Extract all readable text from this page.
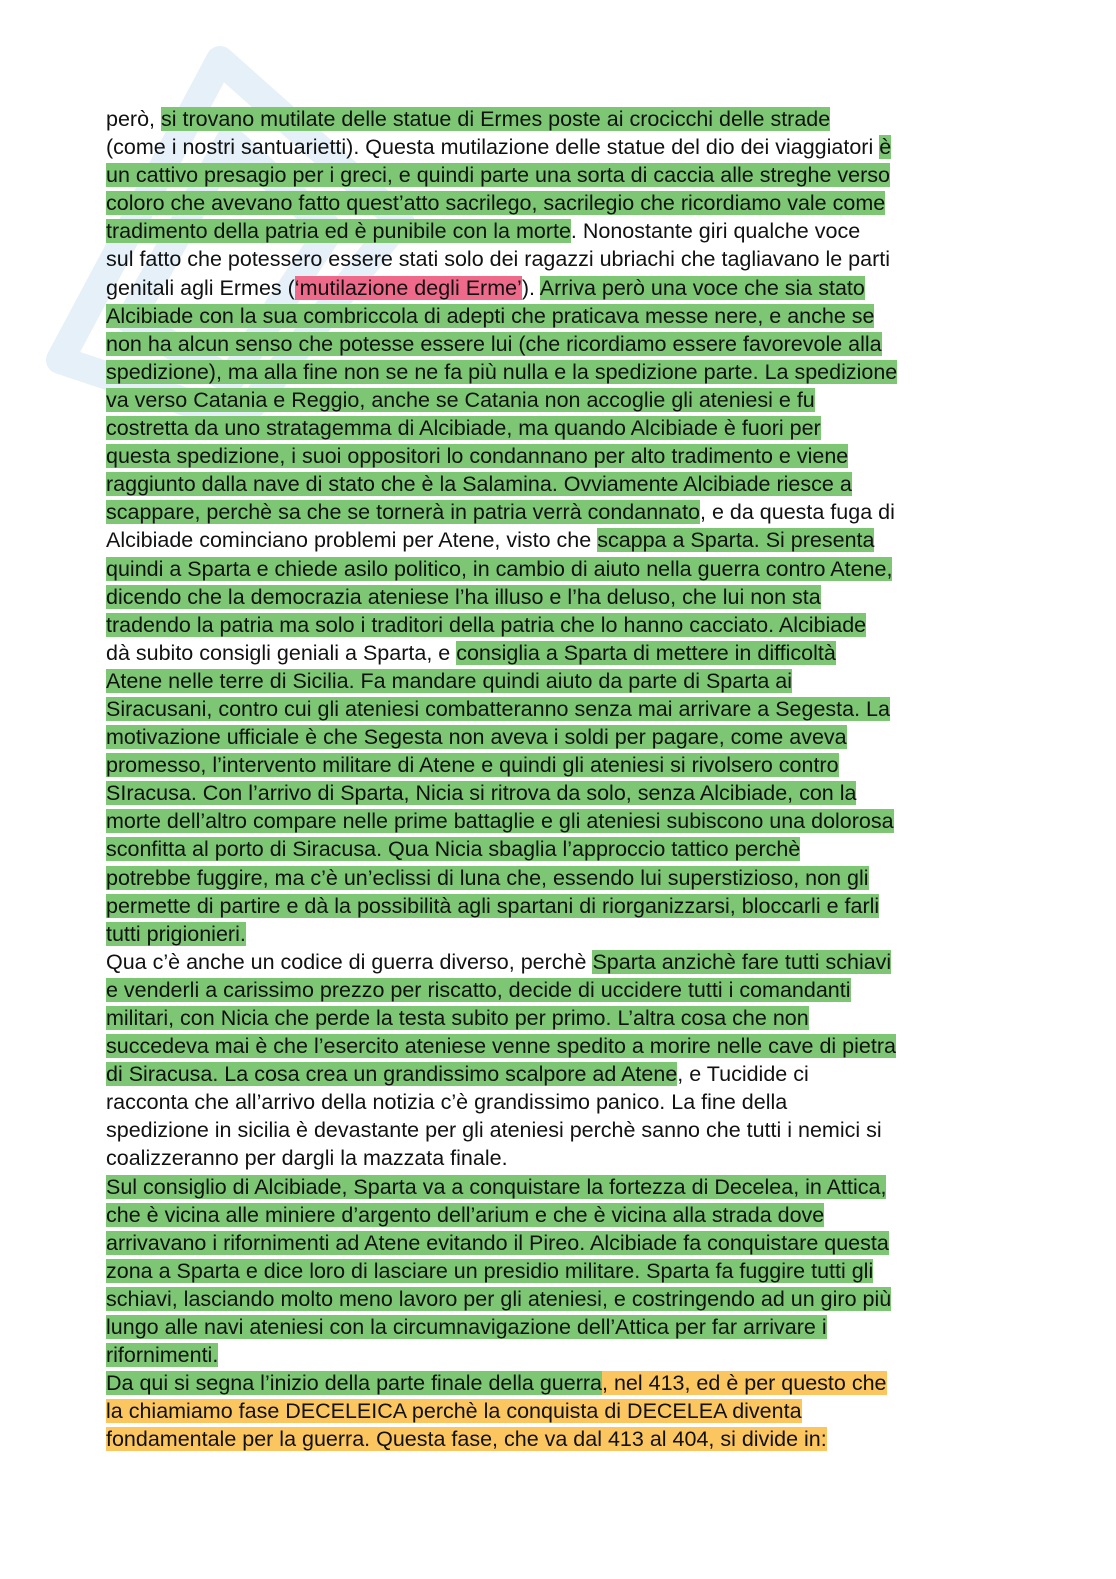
però, si trovano mutilate delle statue di Ermes poste ai crocicchi delle strade
(come i nostri santuarietti). Questa mutilazione delle statue del dio dei viaggiatori è
un cattivo presagio per i greci, e quindi parte una sorta di caccia alle streghe verso
coloro che avevano fatto quest’atto sacrilego, sacrilegio che ricordiamo vale come
tradimento della patria ed è punibile con la morte. Nonostante giri qualche voce
sul fatto che potessero essere stati solo dei ragazzi ubriachi che tagliavano le parti
genitali agli Ermes (‘mutilazione degli Erme’). Arriva però una voce che sia stato
Alcibiade con la sua combriccola di adepti che praticava messe nere, e anche se
non ha alcun senso che potesse essere lui (che ricordiamo essere favorevole alla
spedizione), ma alla fine non se ne fa più nulla e la spedizione parte. La spedizione
va verso Catania e Reggio, anche se Catania non accoglie gli ateniesi e fu
costretta da uno stratagemma di Alcibiade, ma quando Alcibiade è fuori per
questa spedizione, i suoi oppositori lo condannano per alto tradimento e viene
raggiunto dalla nave di stato che è la Salamina. Ovviamente Alcibiade riesce a
scappare, perchè sa che se tornerà in patria verrà condannato, e da questa fuga di
Alcibiade cominciano problemi per Atene, visto che scappa a Sparta. Si presenta
quindi a Sparta e chiede asilo politico, in cambio di aiuto nella guerra contro Atene,
dicendo che la democrazia ateniese l’ha illuso e l’ha deluso, che lui non sta
tradendo la patria ma solo i traditori della patria che lo hanno cacciato. Alcibiade
dà subito consigli geniali a Sparta, e consiglia a Sparta di mettere in difficoltà
Atene nelle terre di Sicilia. Fa mandare quindi aiuto da parte di Sparta ai
Siracusani, contro cui gli ateniesi combatteranno senza mai arrivare a Segesta. La
motivazione ufficiale è che Segesta non aveva i soldi per pagare, come aveva
promesso, l’intervento militare di Atene e quindi gli ateniesi si rivolsero contro
SIracusa. Con l’arrivo di Sparta, Nicia si ritrova da solo, senza Alcibiade, con la
morte dell’altro compare nelle prime battaglie e gli ateniesi subiscono una dolorosa
sconfitta al porto di Siracusa. Qua Nicia sbaglia l’approccio tattico perchè
potrebbe fuggire, ma c’è un’eclissi di luna che, essendo lui superstizioso, non gli
permette di partire e dà la possibilità agli spartani di riorganizzarsi, bloccarli e farli
tutti prigionieri.
Qua c’è anche un codice di guerra diverso, perchè Sparta anzichè fare tutti schiavi
e venderli a carissimo prezzo per riscatto, decide di uccidere tutti i comandanti
militari, con Nicia che perde la testa subito per primo. L’altra cosa che non
succedeva mai è che l’esercito ateniese venne spedito a morire nelle cave di pietra
di Siracusa. La cosa crea un grandissimo scalpore ad Atene, e Tucidide ci
racconta che all’arrivo della notizia c’è grandissimo panico. La fine della
spedizione in sicilia è devastante per gli ateniesi perchè sanno che tutti i nemici si
coalizzeranno per dargli la mazzata finale.
Sul consiglio di Alcibiade, Sparta va a conquistare la fortezza di Decelea, in Attica,
che è vicina alle miniere d’argento dell’arium e che è vicina alla strada dove
arrivavano i rifornimenti ad Atene evitando il Pireo. Alcibiade fa conquistare questa
zona a Sparta e dice loro di lasciare un presidio militare. Sparta fa fuggire tutti gli
schiavi, lasciando molto meno lavoro per gli ateniesi, e costringendo ad un giro più
lungo alle navi ateniesi con la circumnavigazione dell’Attica per far arrivare i
rifornimenti.
Da qui si segna l’inizio della parte finale della guerra, nel 413, ed è per questo che
la chiamiamo fase DECELEICA perchè la conquista di DECELEA diventa
fondamentale per la guerra. Questa fase, che va dal 413 al 404, si divide in:
